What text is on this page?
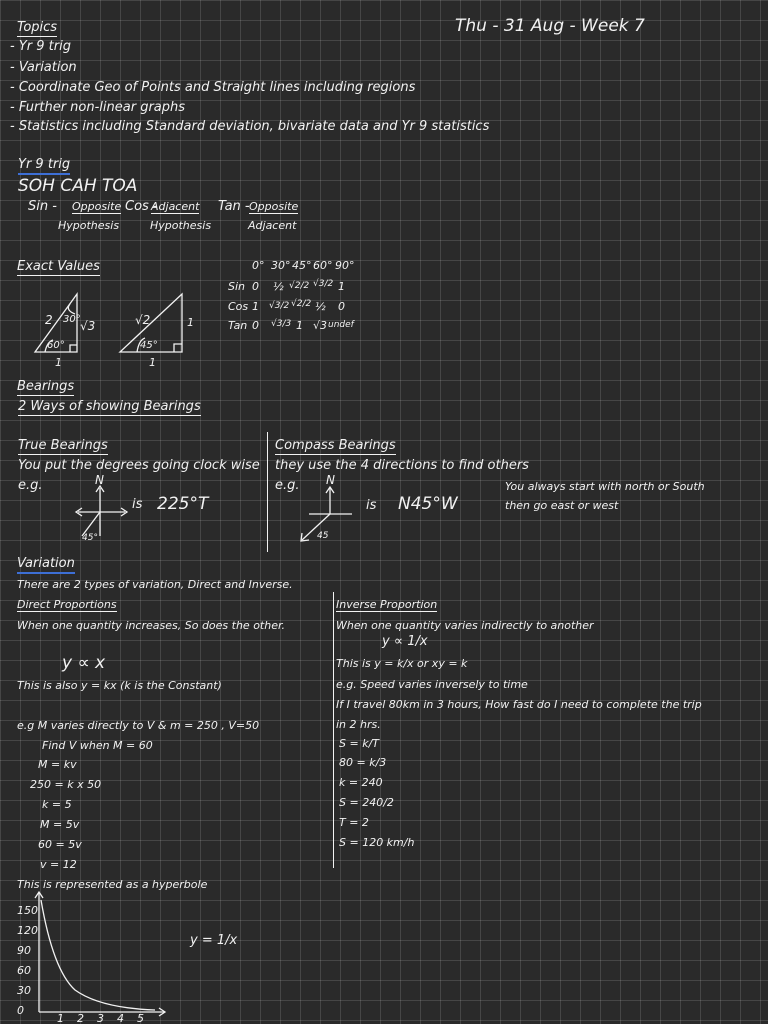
Thu - 31 Aug - Week 7
Topics
- Yr 9 trig
- Variation
- Coordinate Geo of Points and Straight lines including regions
- Further non-linear graphs
- Statistics including Standard deviation, bivariate data and Yr 9 statistics
Yr 9 trig
SOH CAH TOA
Sin - Opposite
Hypothesis
Cos -
Adjacent
Hypothesis
Tan - Opposite
Adjacent
Exact Values
2 30°
60°
√3
1
√2
45°
1
1
0° 30° 45° 60° 90°
Sin 0 ½ √2/2 √3/2 1
Cos 1 √3/2 √2/2 ½ 0
Tan 0 √3/3 1 √3 undef
Bearings
2 Ways of showing Bearings
True Bearings
You put the degrees going clock wise
e.g.	N
45°
is 225°T
Compass Bearings
they use the 4 directions to find others
e.g. N
45
is N45°W
You always start with north or South
then go east or west
Variation
There are 2 types of variation, Direct and Inverse.
Direct Proportions
When one quantity increases, So does the other.
y ∝ x
This is also y = kx (k is the Constant)
e.g M varies directly to V & m = 250 , V=50
Find V when M = 60
M = kv
250 = k x 50
k = 5
M = 5v
60 = 5v
v = 12
This is represented as a hyperbole
Inverse Proportion
When one quantity varies indirectly to another
y ∝ 1/x
This is y = k/x or xy = k
e.g. Speed varies inversely to time
If I travel 80km in 3 hours, How fast do I need to complete the trip
in 2 hrs.
S = k/T
80 = k/3
k = 240
S = 240/2
T = 2
S = 120 km/h
150
120
90
60
30
0
1 2 3 4 5
y = 1/x
